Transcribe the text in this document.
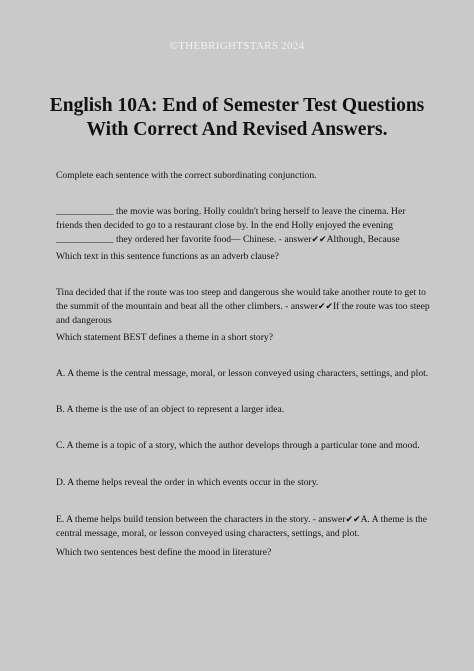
©THEBRIGHTSTARS 2024
English 10A: End of Semester Test Questions
With Correct And Revised Answers.

Complete each sentence with the correct subordinating conjunction.

____________ the movie was boring. Holly couldn't bring herself to leave the cinema. Her
friends then decided to go to a restaurant close by. In the end Holly enjoyed the evening
____________ they ordered her favorite food— Chinese. - answer✔✔Although, Because

Which text in this sentence functions as an adverb clause?

Tina decided that if the route was too steep and dangerous she would take another route to get to
the summit of the mountain and beat all the other climbers. - answer✔✔If the route was too steep
and dangerous

Which statement BEST defines a theme in a short story?

A. A theme is the central message, moral, or lesson conveyed using characters, settings, and plot.

B. A theme is the use of an object to represent a larger idea.

C. A theme is a topic of a story, which the author develops through a particular tone and mood.

D. A theme helps reveal the order in which events occur in the story.

E. A theme helps build tension between the characters in the story. - answer✔✔A. A theme is the
central message, moral, or lesson conveyed using characters, settings, and plot.

Which two sentences best define the mood in literature?
